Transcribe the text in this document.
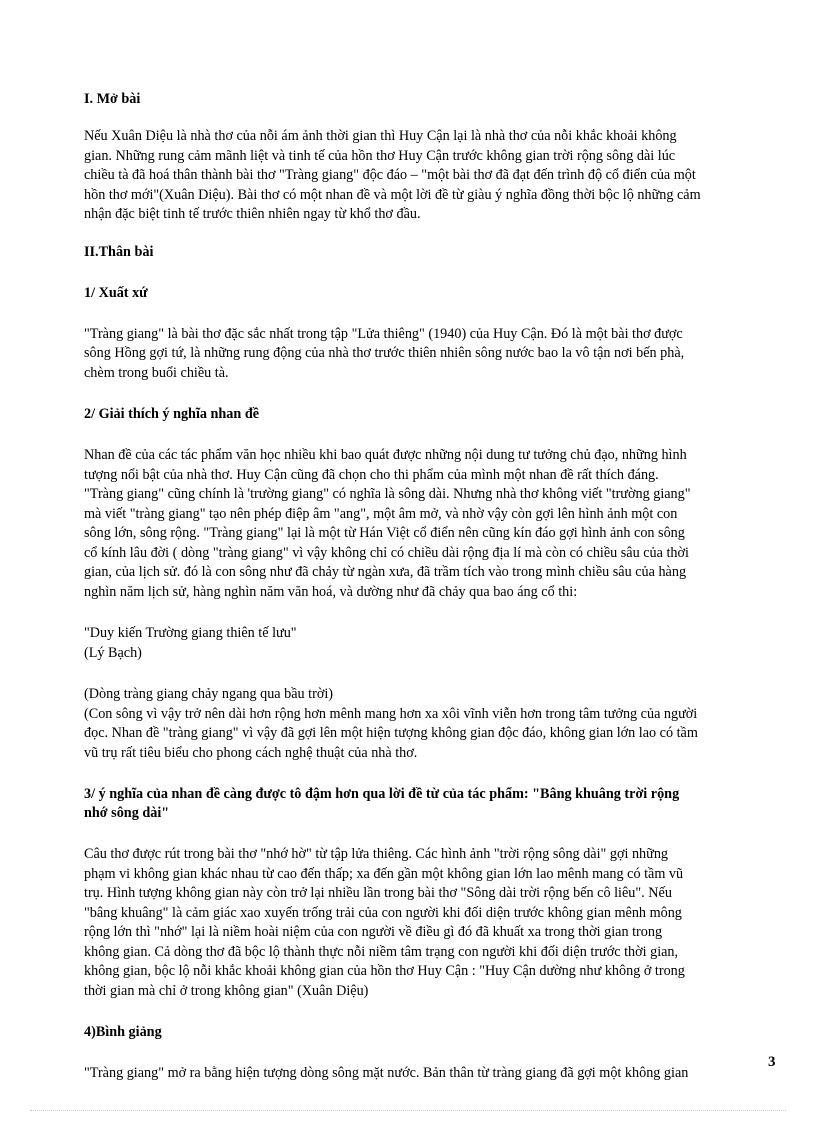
I. Mở bài

Nếu Xuân Diệu là nhà thơ của nỗi ám ảnh thời gian thì Huy Cận lại là nhà thơ của nỗi khắc khoải không

gian. Những rung cảm mãnh liệt và tinh tế của hồn thơ Huy Cận trước không gian trời rộng sông dài lúc

chiều tà đã hoá thân thành bài thơ "Tràng giang" độc đáo – "một bài thơ đã đạt đến trình độ cổ điển của một

hồn thơ mới"(Xuân Diệu). Bài thơ có một nhan đề và một lời đề từ giàu ý nghĩa đồng thời bộc lộ những cảm

nhận đặc biệt tinh tế trước thiên nhiên ngay từ khổ thơ đầu.

II.Thân bài

1/ Xuất xứ

"Tràng giang" là bài thơ đặc sắc nhất trong tập "Lửa thiêng" (1940) của Huy Cận. Đó là một bài thơ được

sông Hồng gợi tứ, là những rung động của nhà thơ trước thiên nhiên sông nước bao la vô tận nơi bến phà,

chèm trong buổi chiều tà.

2/ Giải thích ý nghĩa nhan đề

Nhan đề của các tác phẩm văn học nhiều khi bao quát được những nội dung tư tưởng chủ đạo, những hình

tượng nổi bật của nhà thơ. Huy Cận cũng đã chọn cho thi phẩm của mình một nhan đề rất thích đáng.

"Tràng giang" cũng chính là 'trường giang" có nghĩa là sông dài. Nhưng nhà thơ không viết "trường giang"

mà viết "tràng giang" tạo nên phép điệp âm "ang", một âm mở, và nhờ vậy còn gợi lên hình ảnh một con

sông lớn, sông rộng. "Tràng giang" lại là một từ Hán Việt cổ điển nên cũng kín đáo gợi hình ảnh con sông

cổ kính lâu đời ( dòng "tràng giang" vì vậy không chỉ có chiều dài rộng địa lí mà còn có chiều sâu của thời

gian, của lịch sử. đó là con sông như đã chảy từ ngàn xưa, đã trầm tích vào trong mình chiều sâu của hàng

nghìn năm lịch sử, hàng nghìn năm văn hoá, và dường như đã chảy qua bao áng cổ thi:

"Duy kiến Trường giang thiên tế lưu"

(Lý Bạch)

(Dòng tràng giang chảy ngang qua bầu trời)

(Con sông vì vậy trở nên dài hơn rộng hơn mênh mang hơn xa xôi vĩnh viễn hơn trong tâm tưởng của người

đọc. Nhan đề "tràng giang" vì vậy đã gợi lên một hiện tượng không gian độc đáo, không gian lớn lao có tầm

vũ trụ rất tiêu biểu cho phong cách nghệ thuật của nhà thơ.

3/ ý nghĩa của nhan đề càng được tô đậm hơn qua lời đề từ của tác phẩm: "Bâng khuâng trời rộng

nhớ sông dài"

Câu thơ được rút trong bài thơ "nhớ hờ" từ tập lửa thiêng. Các hình ảnh "trời rộng sông dài" gợi những

phạm vi không gian khác nhau từ cao đến thấp; xa đến gần một không gian lớn lao mênh mang có tầm vũ

trụ. Hình tượng không gian này còn trở lại nhiều lần trong bài thơ "Sông dài trời rộng bến cô liêu". Nếu

"bâng khuâng" là cảm giác xao xuyến trống trải của con người khi đối diện trước không gian mênh mông

rộng lớn thì "nhớ" lại là niềm hoài niệm của con người về điều gì đó đã khuất xa trong thời gian trong

không gian. Cả dòng thơ đã bộc lộ thành thực nỗi niềm tâm trạng con người khi đối diện trước thời gian,

không gian, bộc lộ nỗi khắc khoải không gian của hồn thơ Huy Cận : "Huy Cận dường như không ở trong

thời gian mà chỉ ở trong không gian" (Xuân Diệu)

4)Bình giảng

"Tràng giang" mở ra bằng hiện tượng dòng sông mặt nước. Bản thân từ tràng giang đã gợi một không gian

3
